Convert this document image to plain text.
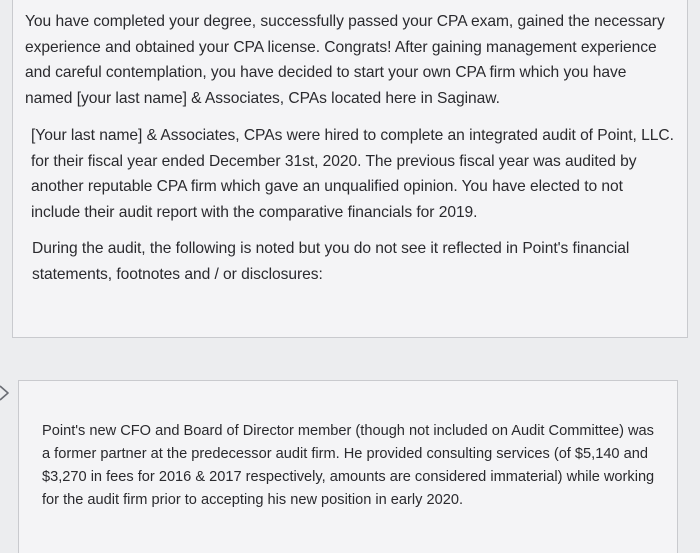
You have completed your degree, successfully passed your CPA exam, gained the necessary experience and obtained your CPA license. Congrats! After gaining management experience and careful contemplation, you have decided to start your own CPA firm which you have named [your last name] & Associates, CPAs located here in Saginaw.

[Your last name] & Associates, CPAs were hired to complete an integrated audit of Point, LLC. for their fiscal year ended December 31st, 2020. The previous fiscal year was audited by another reputable CPA firm which gave an unqualified opinion. You have elected to not include their audit report with the comparative financials for 2019.

During the audit, the following is noted but you do not see it reflected in Point's financial statements, footnotes and / or disclosures:

Point's new CFO and Board of Director member (though not included on Audit Committee) was a former partner at the predecessor audit firm. He provided consulting services (of $5,140 and $3,270 in fees for 2016 & 2017 respectively, amounts are considered immaterial) while working for the audit firm prior to accepting his new position in early 2020.
